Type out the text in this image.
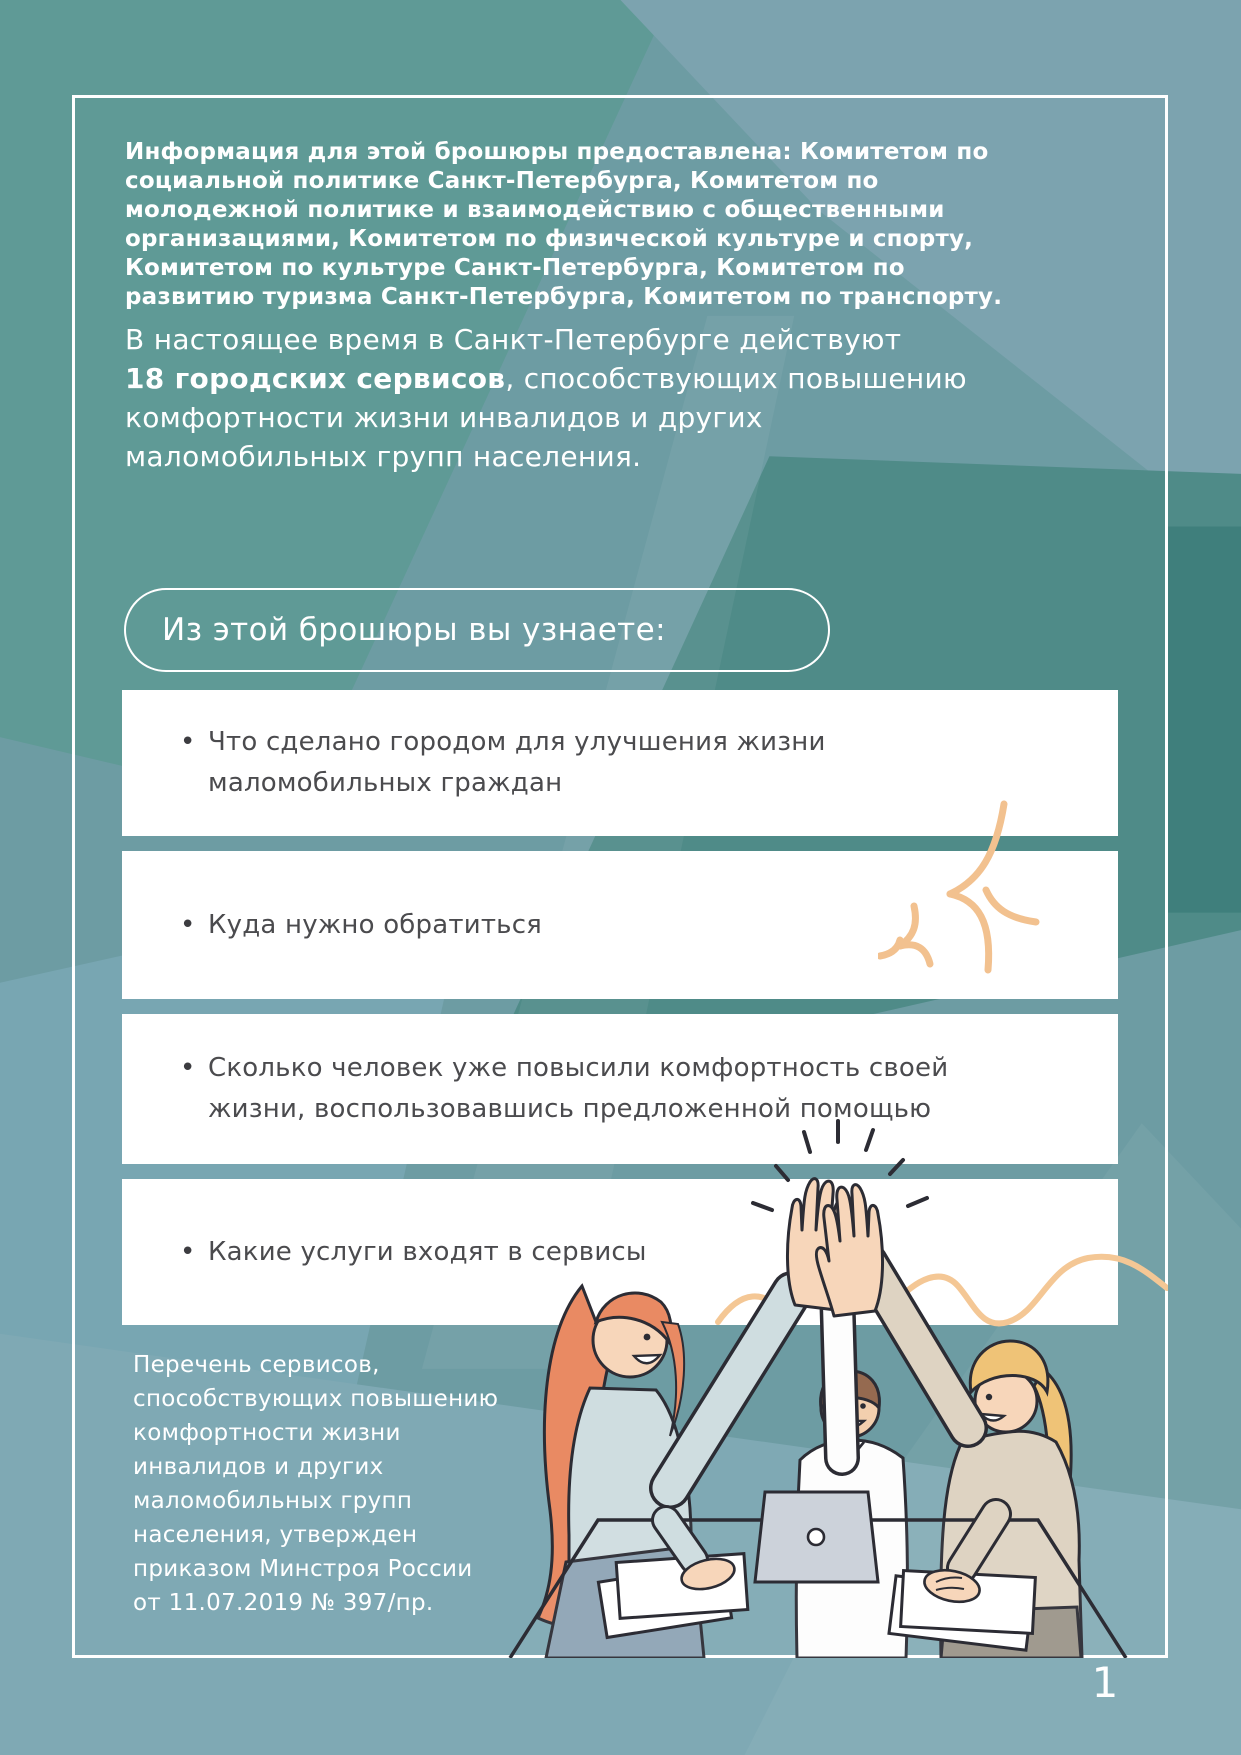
Информация для этой брошюры предоставлена: Комитетом по социальной политике Санкт-Петербурга, Комитетом по молодежной политике и взаимодействию с общественными организациями, Комитетом по физической культуре и спорту, Комитетом по культуре Санкт-Петербурга, Комитетом по развитию туризма Санкт-Петербурга, Комитетом по транспорту.
В настоящее время в Санкт-Петербурге действуют
18 городских сервисов, способствующих повышению комфортности жизни инвалидов и других маломобильных групп населения.
Из этой брошюры вы узнаете:
• Что сделано городом для улучшения жизни маломобильных граждан
• Куда нужно обратиться
• Сколько человек уже повысили комфортность своей жизни, воспользовавшись предложенной помощью
• Какие услуги входят в сервисы
Перечень сервисов, способствующих повышению комфортности жизни инвалидов и других маломобильных групп населения, утвержден приказом Минстроя России от 11.07.2019 № 397/пр.
1
